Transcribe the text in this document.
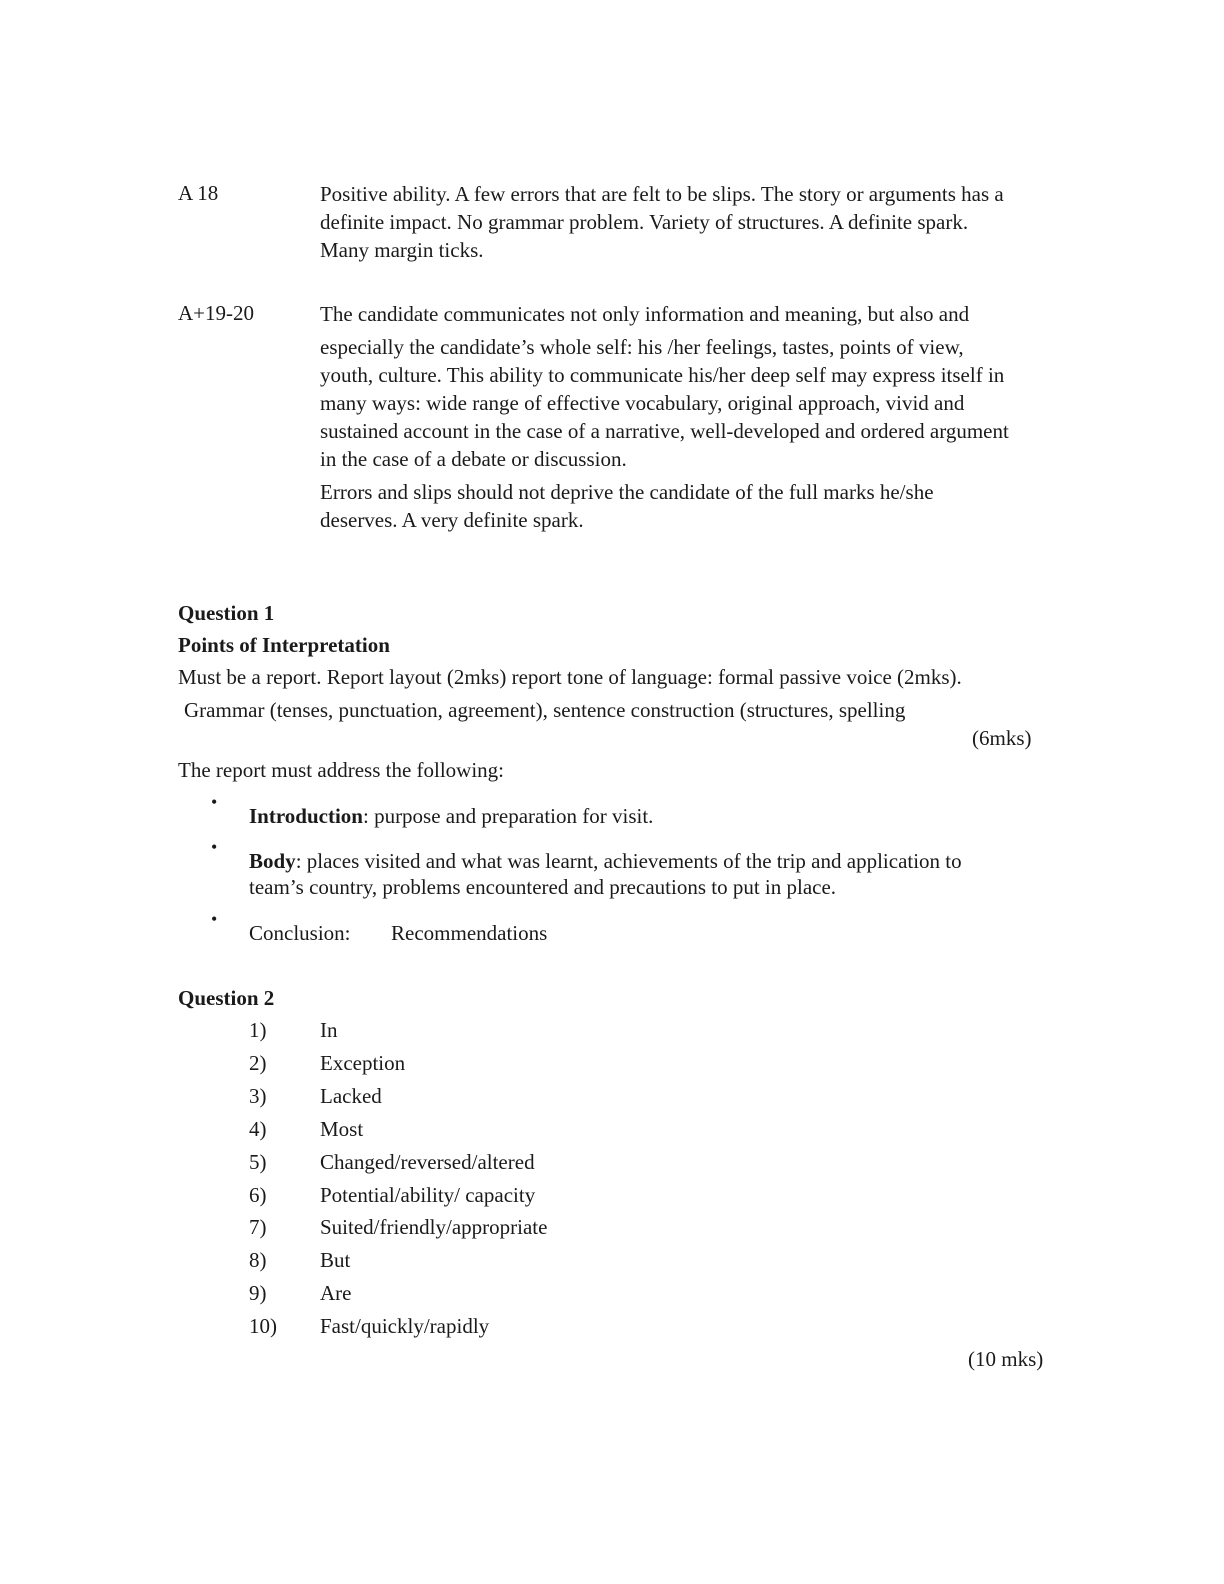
A 18	Positive ability. A few errors that are felt to be slips. The story or arguments has a
definite impact. No grammar problem. Variety of structures. A definite spark.
Many margin ticks.
A+19-20	The candidate communicates not only information and meaning, but also and
especially the candidate’s whole self: his /her feelings, tastes, points of view,
youth, culture. This ability to communicate his/her deep self may express itself in
many ways: wide range of effective vocabulary, original approach, vivid and
sustained account in the case of a narrative, well-developed and ordered argument
in the case of a debate or discussion.
Errors and slips should not deprive the candidate of the full marks he/she
deserves. A very definite spark.
Question 1
Points of Interpretation
Must be a report. Report layout (2mks) report tone of language: formal passive voice (2mks).
Grammar (tenses, punctuation, agreement), sentence construction (structures, spelling
(6mks)
The report must address the following:
•
Introduction: purpose and preparation for visit.
•
Body: places visited and what was learnt, achievements of the trip and application to
team’s country, problems encountered and precautions to put in place.
•
Conclusion: Recommendations
Question 2
1)	In
2)	Exception
3)	Lacked
4)	Most
5)	Changed/reversed/altered
6)	Potential/ability/ capacity
7)	Suited/friendly/appropriate
8)	But
9)	Are
10) Fast/quickly/rapidly
(10 mks)
